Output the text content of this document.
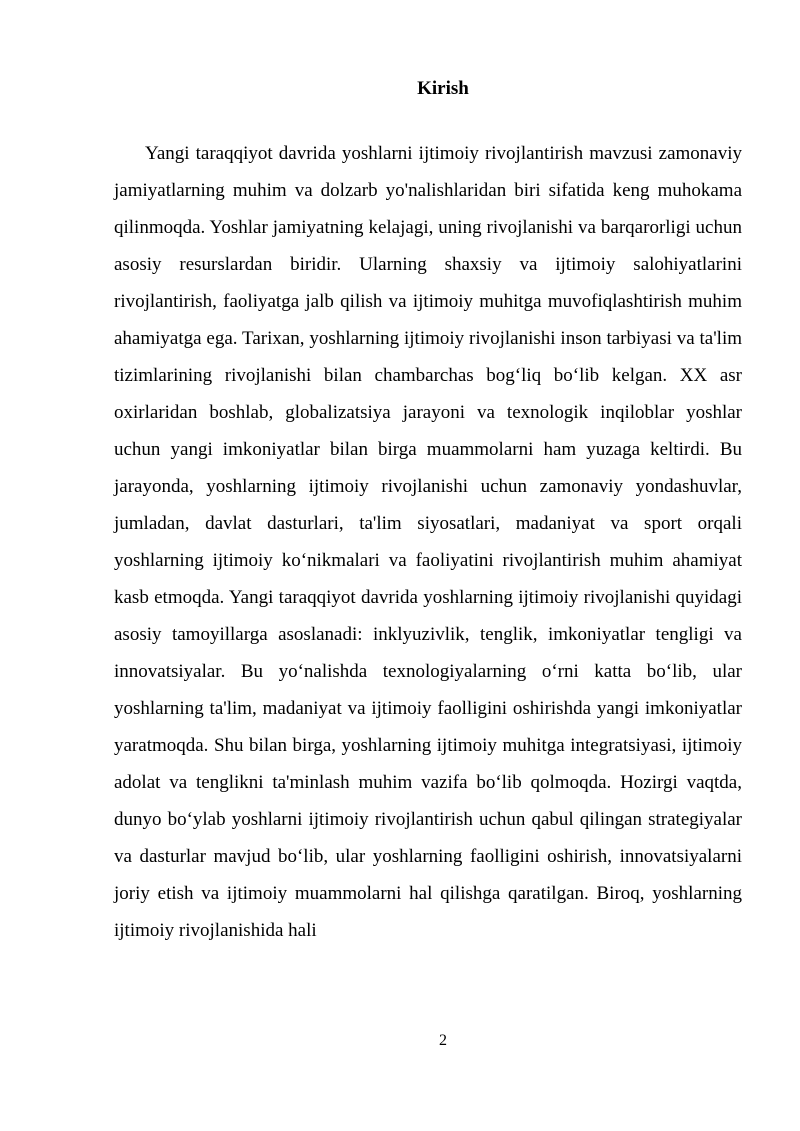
Kirish

Yangi taraqqiyot davrida yoshlarni ijtimoiy rivojlantirish mavzusi zamonaviy jamiyatlarning muhim va dolzarb yo'nalishlaridan biri sifatida keng muhokama qilinmoqda. Yoshlar jamiyatning kelajagi, uning rivojlanishi va barqarorligi uchun asosiy resurslardan biridir. Ularning shaxsiy va ijtimoiy salohiyatlarini rivojlantirish, faoliyatga jalb qilish va ijtimoiy muhitga muvofiqlashtirish muhim ahamiyatga ega. Tarixan, yoshlarning ijtimoiy rivojlanishi inson tarbiyasi va ta'lim tizimlarining rivojlanishi bilan chambarchas bog‘liq bo‘lib kelgan. XX asr oxirlaridan boshlab, globalizatsiya jarayoni va texnologik inqiloblar yoshlar uchun yangi imkoniyatlar bilan birga muammolarni ham yuzaga keltirdi. Bu jarayonda, yoshlarning ijtimoiy rivojlanishi uchun zamonaviy yondashuvlar, jumladan, davlat dasturlari, ta'lim siyosatlari, madaniyat va sport orqali yoshlarning ijtimoiy ko‘nikmalari va faoliyatini rivojlantirish muhim ahamiyat kasb etmoqda. Yangi taraqqiyot davrida yoshlarning ijtimoiy rivojlanishi quyidagi asosiy tamoyillarga asoslanadi: inklyuzivlik, tenglik, imkoniyatlar tengligi va innovatsiyalar. Bu yo‘nalishda texnologiyalarning o‘rni katta bo‘lib, ular yoshlarning ta'lim, madaniyat va ijtimoiy faolligini oshirishda yangi imkoniyatlar yaratmoqda. Shu bilan birga, yoshlarning ijtimoiy muhitga integratsiyasi, ijtimoiy adolat va tenglikni ta'minlash muhim vazifa bo‘lib qolmoqda. Hozirgi vaqtda, dunyo bo‘ylab yoshlarni ijtimoiy rivojlantirish uchun qabul qilingan strategiyalar va dasturlar mavjud bo‘lib, ular yoshlarning faolligini oshirish, innovatsiyalarni joriy etish va ijtimoiy muammolarni hal qilishga qaratilgan. Biroq, yoshlarning ijtimoiy rivojlanishida hali

2
